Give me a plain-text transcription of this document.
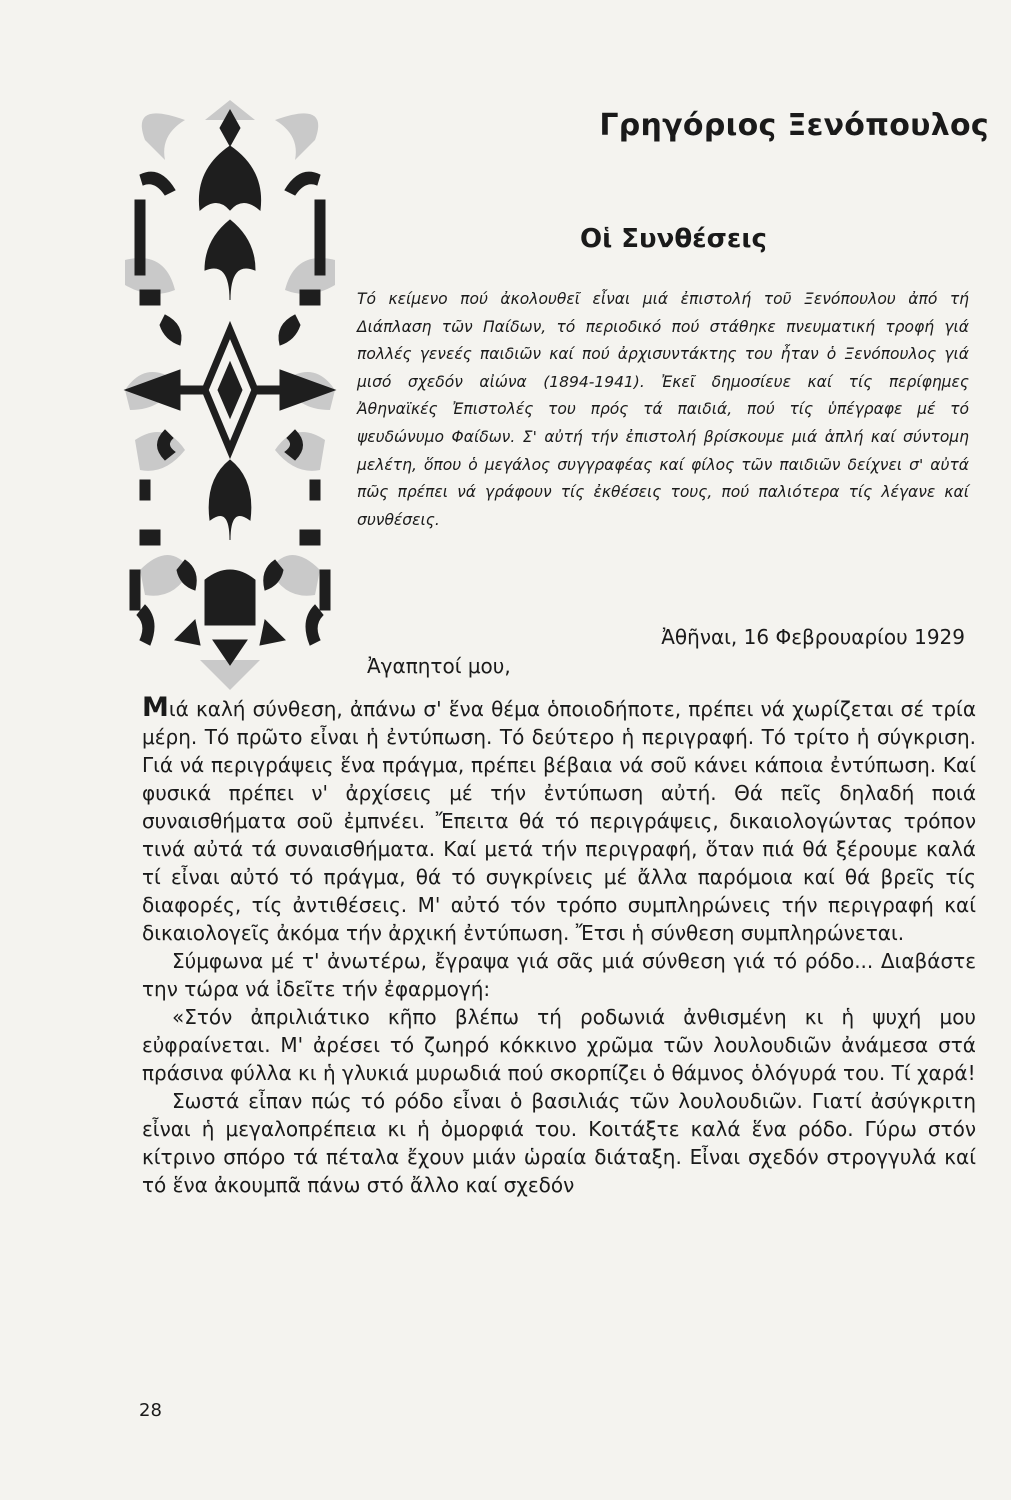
Γρηγόριος Ξενόπουλος
Οἱ Συνθέσεις
Τό κείμενο πού ἀκολουθεῖ εἶναι μιά ἐπιστολή τοῦ Ξενόπουλου ἀπό τή Διάπλαση τῶν Παίδων, τό περιοδικό πού στάθηκε πνευματική τροφή γιά πολλές γενεές παιδιῶν καί πού ἀρχισυντάκτης του ἦταν ὁ Ξενόπουλος γιά μισό σχεδόν αἰώνα (1894-1941). Ἐκεῖ δημοσίευε καί τίς περίφημες Ἀθηναϊκές Ἐπιστολές του πρός τά παιδιά, πού τίς ὑπέγραφε μέ τό ψευδώνυμο Φαίδων. Σ' αὐτή τήν ἐπιστολή βρίσκουμε μιά ἁπλή καί σύντομη μελέτη, ὅπου ὁ μεγάλος συγγραφέας καί φίλος τῶν παιδιῶν δείχνει σ' αὐτά πῶς πρέπει νά γράφουν τίς ἐκθέσεις τους, πού παλιότερα τίς λέγανε καί συνθέσεις.
Ἀθῆναι, 16 Φεβρουαρίου 1929
Ἀγαπητοί μου,

Μιά καλή σύνθεση, ἀπάνω σ' ἕνα θέμα ὁποιοδήποτε, πρέπει νά χωρίζεται σέ τρία μέρη. Τό πρῶτο εἶναι ἡ ἐντύπωση. Τό δεύτερο ἡ περιγραφή. Τό τρίτο ἡ σύγκριση. Γιά νά περιγράψεις ἕνα πράγμα, πρέπει βέβαια νά σοῦ κάνει κάποια ἐντύπωση. Καί φυσικά πρέπει ν' ἀρχίσεις μέ τήν ἐντύπωση αὐτή. Θά πεῖς δηλαδή ποιά συναισθήματα σοῦ ἐμπνέει. Ἔπειτα θά τό περιγράψεις, δικαιολογώντας τρόπον τινά αὐτά τά συναισθήματα. Καί μετά τήν περιγραφή, ὅταν πιά θά ξέρουμε καλά τί εἶναι αὐτό τό πράγμα, θά τό συγκρίνεις μέ ἄλλα παρόμοια καί θά βρεῖς τίς διαφορές, τίς ἀντιθέσεις. Μ' αὐτό τόν τρόπο συμπληρώνεις τήν περιγραφή καί δικαιολογεῖς ἀκόμα τήν ἀρχική ἐντύπωση. Ἔτσι ἡ σύνθεση συμπληρώνεται.

Σύμφωνα μέ τ' ἀνωτέρω, ἔγραψα γιά σᾶς μιά σύνθεση γιά τό ρόδο... Διαβάστε την τώρα νά ἰδεῖτε τήν ἐφαρμογή:

«Στόν ἀπριλιάτικο κῆπο βλέπω τή ροδωνιά ἀνθισμένη κι ἡ ψυχή μου εὐφραίνεται. Μ' ἀρέσει τό ζωηρό κόκκινο χρῶμα τῶν λουλουδιῶν ἀνάμεσα στά πράσινα φύλλα κι ἡ γλυκιά μυρωδιά πού σκορπίζει ὁ θάμνος ὁλόγυρά του. Τί χαρά!

Σωστά εἶπαν πώς τό ρόδο εἶναι ὁ βασιλιάς τῶν λουλουδιῶν. Γιατί ἀσύγκριτη εἶναι ἡ μεγαλοπρέπεια κι ἡ ὀμορφιά του. Κοιτάξτε καλά ἕνα ρόδο. Γύρω στόν κίτρινο σπόρο τά πέταλα ἔχουν μιάν ὡραία διάταξη. Εἶναι σχεδόν στρογγυλά καί τό ἕνα ἀκουμπᾶ πάνω στό ἄλλο καί σχεδόν

28
